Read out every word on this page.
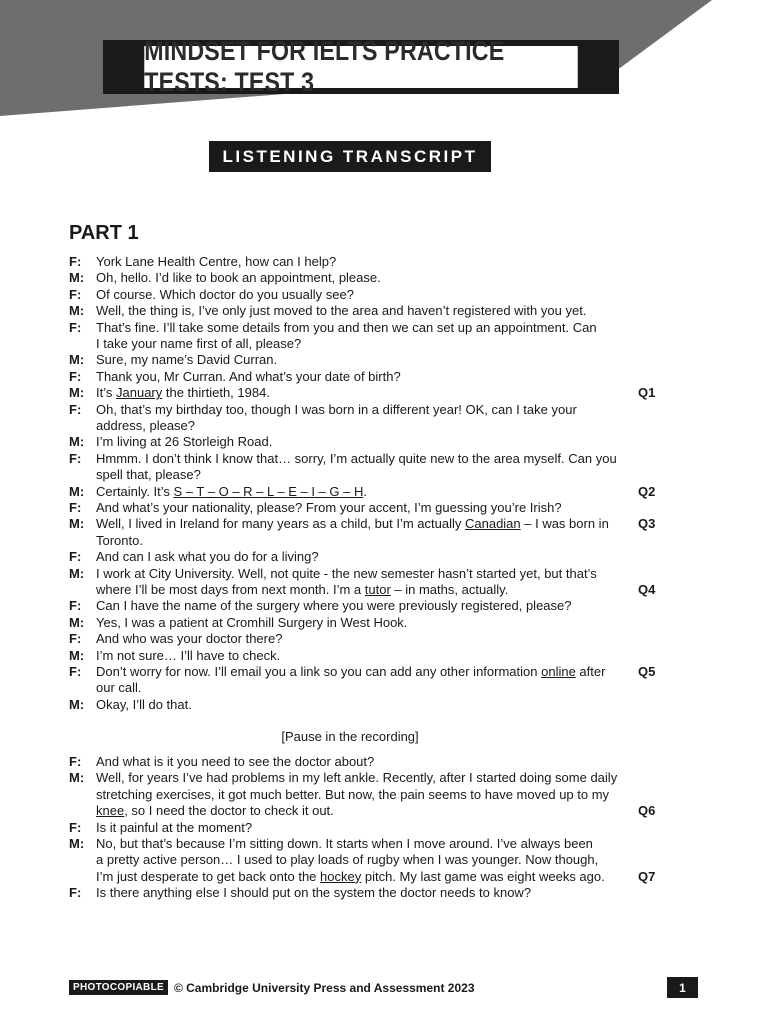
MINDSET FOR IELTS PRACTICE TESTS: TEST 3
LISTENING TRANSCRIPT
PART 1
F: York Lane Health Centre, how can I help?
M: Oh, hello. I’d like to book an appointment, please.
F: Of course. Which doctor do you usually see?
M: Well, the thing is, I’ve only just moved to the area and haven’t registered with you yet.
F: That’s fine. I’ll take some details from you and then we can set up an appointment. Can
I take your name first of all, please?
M: Sure, my name’s David Curran.
F: Thank you, Mr Curran. And what’s your date of birth?
M: It’s January the thirtieth, 1984.	Q1
F: Oh, that’s my birthday too, though I was born in a different year! OK, can I take your
address, please?
M: I’m living at 26 Storleigh Road.
F: Hmmm. I don’t think I know that… sorry, I’m actually quite new to the area myself. Can you
spell that, please?
M: Certainly. It’s S – T – O – R – L – E – I – G – H.	Q2
F: And what’s your nationality, please? From your accent, I’m guessing you’re Irish?
M: Well, I lived in Ireland for many years as a child, but I’m actually Canadian – I was born in Q3
Toronto.
F: And can I ask what you do for a living?
M: I work at City University. Well, not quite - the new semester hasn’t started yet, but that’s
where I’ll be most days from next month. I’m a tutor – in maths, actually.	Q4
F: Can I have the name of the surgery where you were previously registered, please?
M: Yes, I was a patient at Cromhill Surgery in West Hook.
F: And who was your doctor there?
M: I’m not sure… I’ll have to check.
F: Don’t worry for now. I’ll email you a link so you can add any other information online after	Q5
our call.
M: Okay, I’ll do that.
[Pause in the recording]
F: And what is it you need to see the doctor about?
M: Well, for years I’ve had problems in my left ankle. Recently, after I started doing some daily
stretching exercises, it got much better. But now, the pain seems to have moved up to my
knee, so I need the doctor to check it out.	Q6
F: Is it painful at the moment?
M: No, but that’s because I’m sitting down. It starts when I move around. I’ve always been
a pretty active person… I used to play loads of rugby when I was younger. Now though,
I’m just desperate to get back onto the hockey pitch. My last game was eight weeks ago.	Q7
F: Is there anything else I should put on the system the doctor needs to know?
PHOTOCOPIABLE © Cambridge University Press and Assessment 2023	1
